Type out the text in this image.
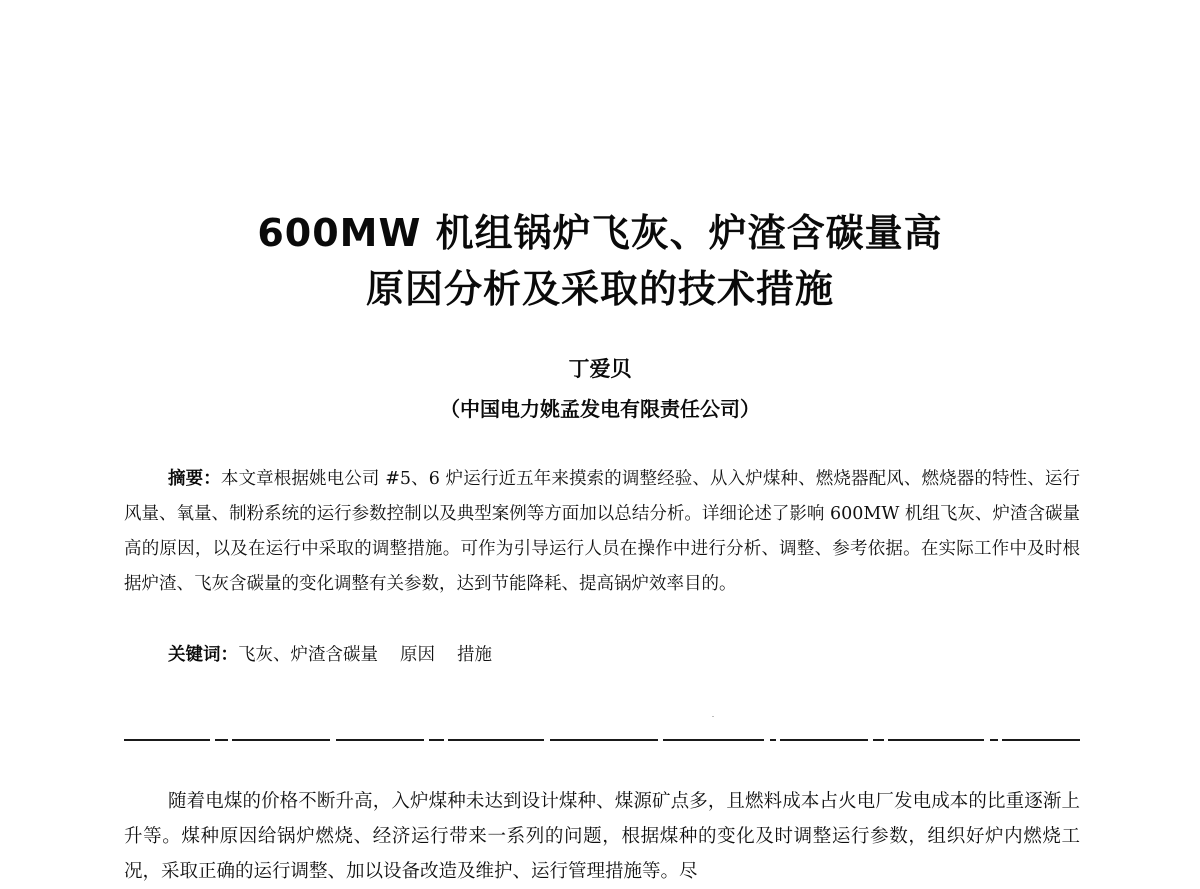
600MW 机组锅炉飞灰、炉渣含碳量高
原因分析及采取的技术措施
丁爱贝
（中国电力姚孟发电有限责任公司）
摘要：本文章根据姚电公司 #5、6 炉运行近五年来摸索的调整经验、从入炉煤种、燃烧器配风、燃烧器的特性、运行风量、氧量、制粉系统的运行参数控制以及典型案例等方面加以总结分析。详细论述了影响 600MW 机组飞灰、炉渣含碳量高的原因，以及在运行中采取的调整措施。可作为引导运行人员在操作中进行分析、调整、参考依据。在实际工作中及时根据炉渣、飞灰含碳量的变化调整有关参数，达到节能降耗、提高锅炉效率目的。
关键词：飞灰、炉渣含碳量 原因 措施
随着电煤的价格不断升高，入炉煤种未达到设计煤种、煤源矿点多，且燃料成本占火电厂发电成本的比重逐渐上升等。煤种原因给锅炉燃烧、经济运行带来一系列的问题，根据煤种的变化及时调整运行参数，组织好炉内燃烧工况，采取正确的运行调整、加以设备改造及维护、运行管理措施等。尽
